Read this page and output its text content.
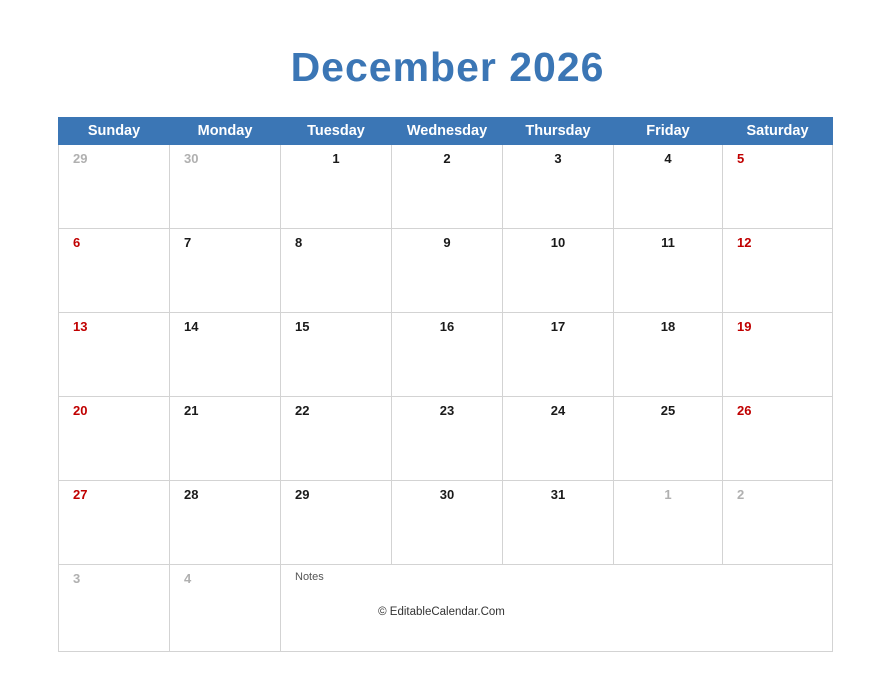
December 2026
Sunday	Monday	Tuesday	Wednesday	Thursday	Friday	Saturday

29	30	1	2	3	4	5

6	7	8	9	10	11	12

13	14	15	16	17	18	19

20	21	22	23	24	25	26

27	28	29	30	31	1	2

3	4	Notes				
© EditableCalendar.Com
